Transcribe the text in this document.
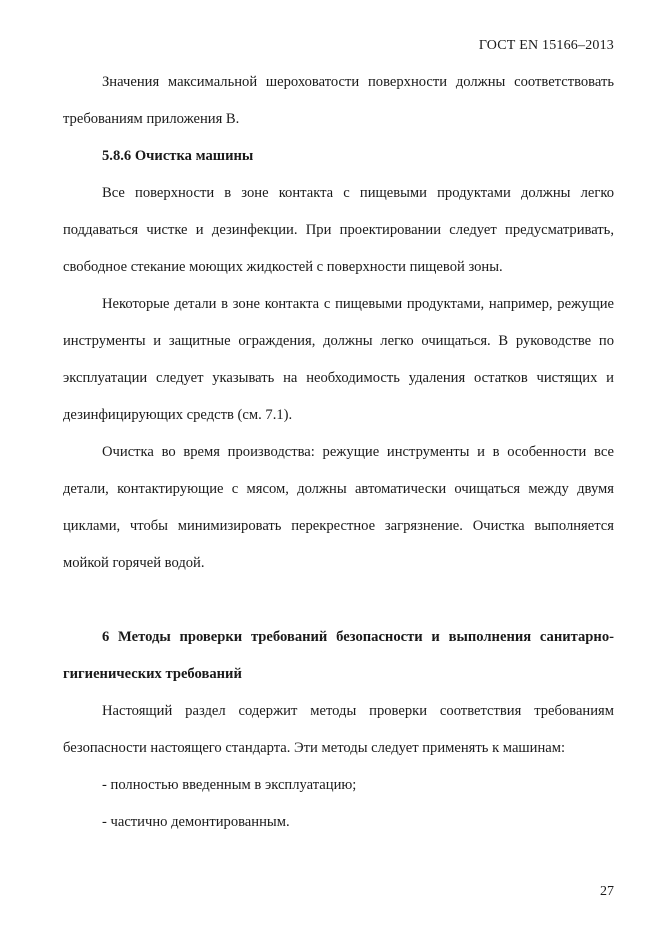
ГОСТ EN 15166–2013

Значения максимальной шероховатости поверхности должны соответствовать требованиям приложения В.

5.8.6 Очистка машины

Все поверхности в зоне контакта с пищевыми продуктами должны легко поддаваться чистке и дезинфекции. При проектировании следует предусматривать, свободное стекание моющих жидкостей с поверхности пищевой зоны.

Некоторые детали в зоне контакта с пищевыми продуктами, например, режущие инструменты и защитные ограждения, должны легко очищаться. В руководстве по эксплуатации следует указывать на необходимость удаления остатков чистящих и дезинфицирующих средств (см. 7.1).

Очистка во время производства: режущие инструменты и в особенности все детали, контактирующие с мясом, должны автоматически очищаться между двумя циклами, чтобы минимизировать перекрестное загрязнение. Очистка выполняется мойкой горячей водой.

6 Методы проверки требований безопасности и выполнения санитарно-гигиенических требований

Настоящий раздел содержит методы проверки соответствия требованиям безопасности настоящего стандарта. Эти методы следует применять к машинам:

- полностью введенным в эксплуатацию;

- частично демонтированным.

27
